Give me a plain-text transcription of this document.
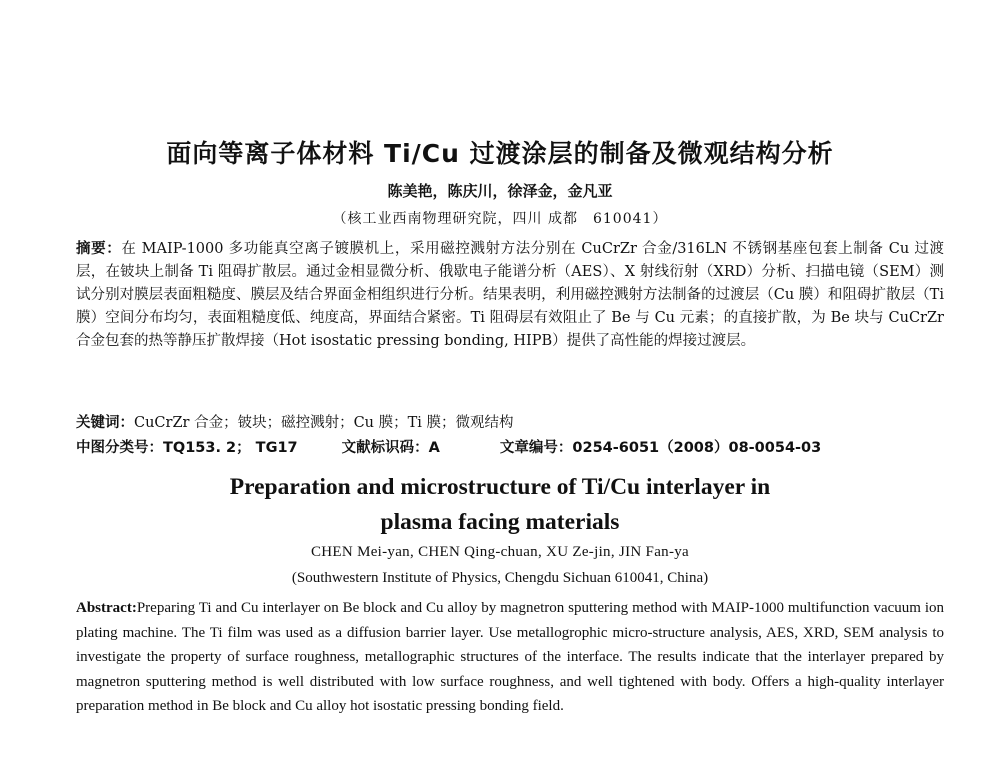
面向等离子体材料 Ti/Cu 过渡涂层的制备及微观结构分析
陈美艳，陈庆川，徐泽金，金凡亚
（核工业西南物理研究院，四川 成都　610041）

摘要：在 MAIP-1000 多功能真空离子镀膜机上，采用磁控溅射方法分别在 CuCrZr 合金/316LN 不锈钢基座包套上制备 Cu 过渡层，在铍块上制备 Ti 阻碍扩散层。通过金相显微分析、俄歇电子能谱分析（AES）、X 射线衍射（XRD）分析、扫描电镜（SEM）测试分别对膜层表面粗糙度、膜层及结合界面金相组织进行分析。结果表明，利用磁控溅射方法制备的过渡层（Cu 膜）和阻碍扩散层（Ti 膜）空间分布均匀，表面粗糙度低、纯度高，界面结合紧密。Ti 阻碍层有效阻止了 Be 与 Cu 元素；的直接扩散，为 Be 块与 CuCrZr 合金包套的热等静压扩散焊接（Hot isostatic pressing bonding, HIPB）提供了高性能的焊接过渡层。

关键词：CuCrZr 合金；铍块；磁控溅射；Cu 膜；Ti 膜；微观结构

中图分类号：TQ153. 2； TG17	文献标识码：A	文章编号：0254-6051（2008）08-0054-03
Preparation and microstructure of Ti/Cu interlayer in
plasma facing materials
CHEN Mei-yan, CHEN Qing-chuan, XU Ze-jin, JIN Fan-ya
(Southwestern Institute of Physics, Chengdu Sichuan 610041, China)

Abstract:Preparing Ti and Cu interlayer on Be block and Cu alloy by magnetron sputtering method with MAIP-1000 multifunction vacuum ion plating machine. The Ti film was used as a diffusion barrier layer. Use metallogrophic micro-structure analysis, AES, XRD, SEM analysis to investigate the property of surface roughness, metallographic structures of the interface. The results indicate that the interlayer prepared by magnetron sputtering method is well distributed with low surface roughness, and well tightened with body. Offers a high-quality interlayer preparation method in Be block and Cu alloy hot isostatic pressing bonding field.
